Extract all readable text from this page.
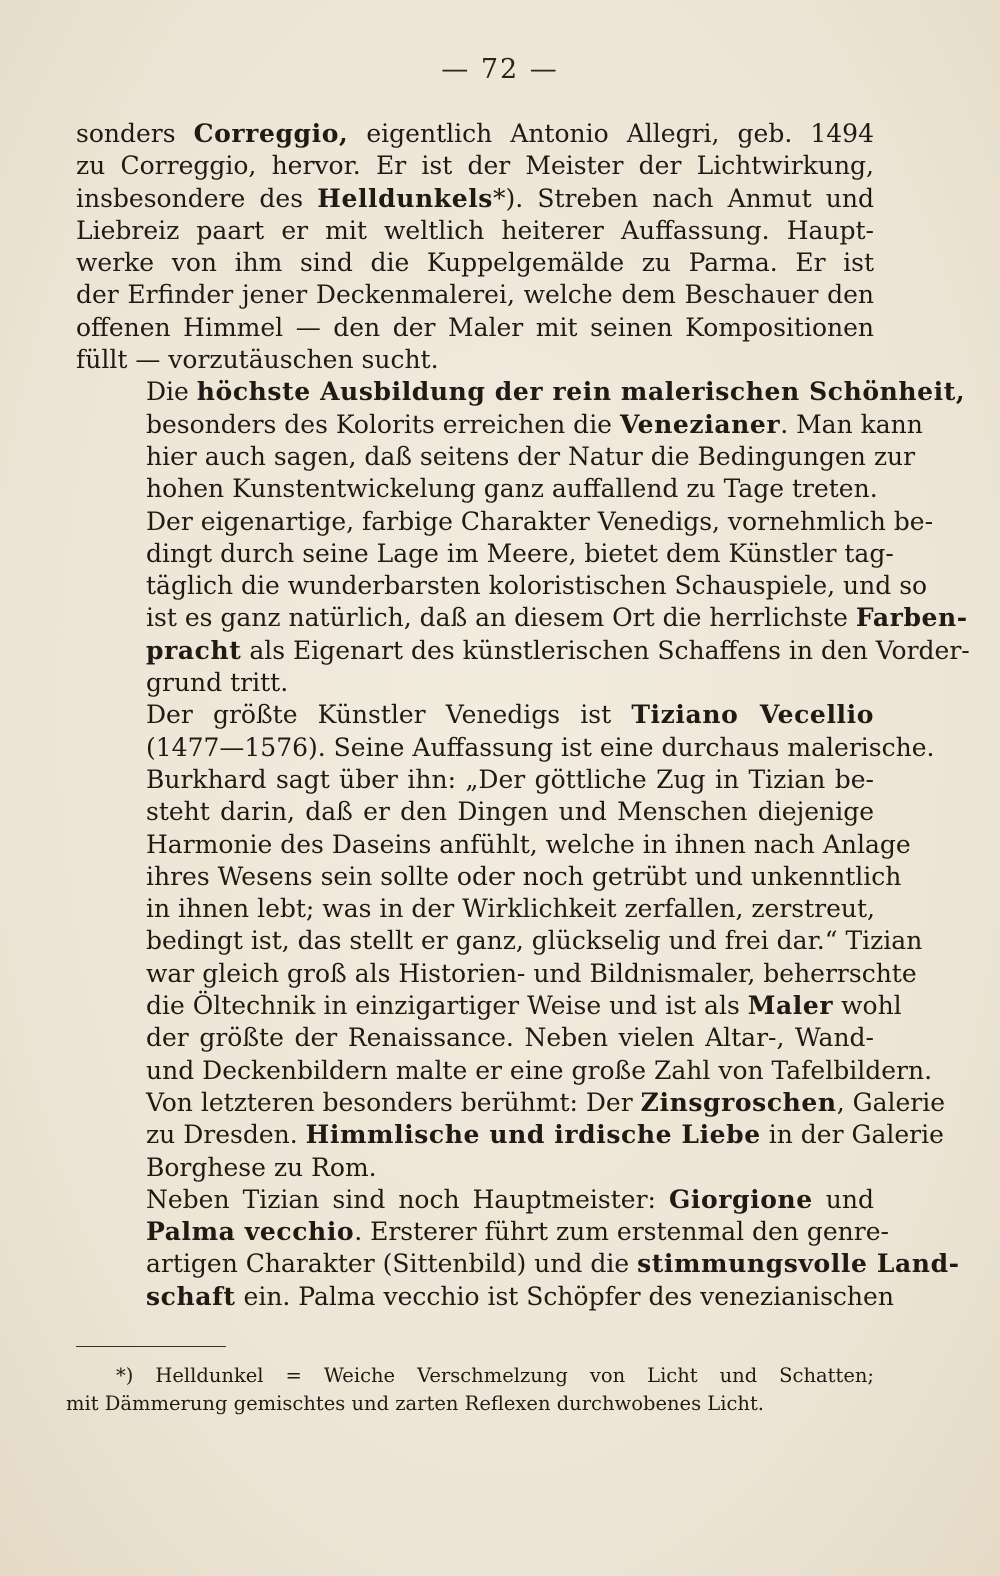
— 72 —

sonders Correggio, eigentlich Antonio Allegri, geb. 1494
zu Correggio, hervor. Er ist der Meister der Lichtwirkung,
insbesondere des Helldunkels*). Streben nach Anmut und
Liebreiz paart er mit weltlich heiterer Auffassung. Haupt-
werke von ihm sind die Kuppelgemälde zu Parma. Er ist
der Erfinder jener Deckenmalerei, welche dem Beschauer den
offenen Himmel — den der Maler mit seinen Kompositionen
füllt — vorzutäuschen sucht.

Die höchste Ausbildung der rein malerischen Schönheit,
besonders des Kolorits erreichen die Venezianer. Man kann
hier auch sagen, daß seitens der Natur die Bedingungen zur
hohen Kunstentwickelung ganz auffallend zu Tage treten.
Der eigenartige, farbige Charakter Venedigs, vornehmlich be-
dingt durch seine Lage im Meere, bietet dem Künstler tag-
täglich die wunderbarsten koloristischen Schauspiele, und so
ist es ganz natürlich, daß an diesem Ort die herrlichste Farben-
pracht als Eigenart des künstlerischen Schaffens in den Vorder-
grund tritt.

Der größte Künstler Venedigs ist Tiziano Vecellio
(1477—1576). Seine Auffassung ist eine durchaus malerische.
Burkhard sagt über ihn: „Der göttliche Zug in Tizian be-
steht darin, daß er den Dingen und Menschen diejenige
Harmonie des Daseins anfühlt, welche in ihnen nach Anlage
ihres Wesens sein sollte oder noch getrübt und unkenntlich
in ihnen lebt; was in der Wirklichkeit zerfallen, zerstreut,
bedingt ist, das stellt er ganz, glückselig und frei dar.“ Tizian
war gleich groß als Historien- und Bildnismaler, beherrschte
die Öltechnik in einzigartiger Weise und ist als Maler wohl
der größte der Renaissance. Neben vielen Altar-, Wand-
und Deckenbildern malte er eine große Zahl von Tafelbildern.
Von letzteren besonders berühmt: Der Zinsgroschen, Galerie
zu Dresden. Himmlische und irdische Liebe in der Galerie
Borghese zu Rom.

Neben Tizian sind noch Hauptmeister: Giorgione und
Palma vecchio. Ersterer führt zum erstenmal den genre-
artigen Charakter (Sittenbild) und die stimmungsvolle Land-
schaft ein. Palma vecchio ist Schöpfer des venezianischen

*) Helldunkel = Weiche Verschmelzung von Licht und Schatten;
mit Dämmerung gemischtes und zarten Reflexen durchwobenes Licht.
